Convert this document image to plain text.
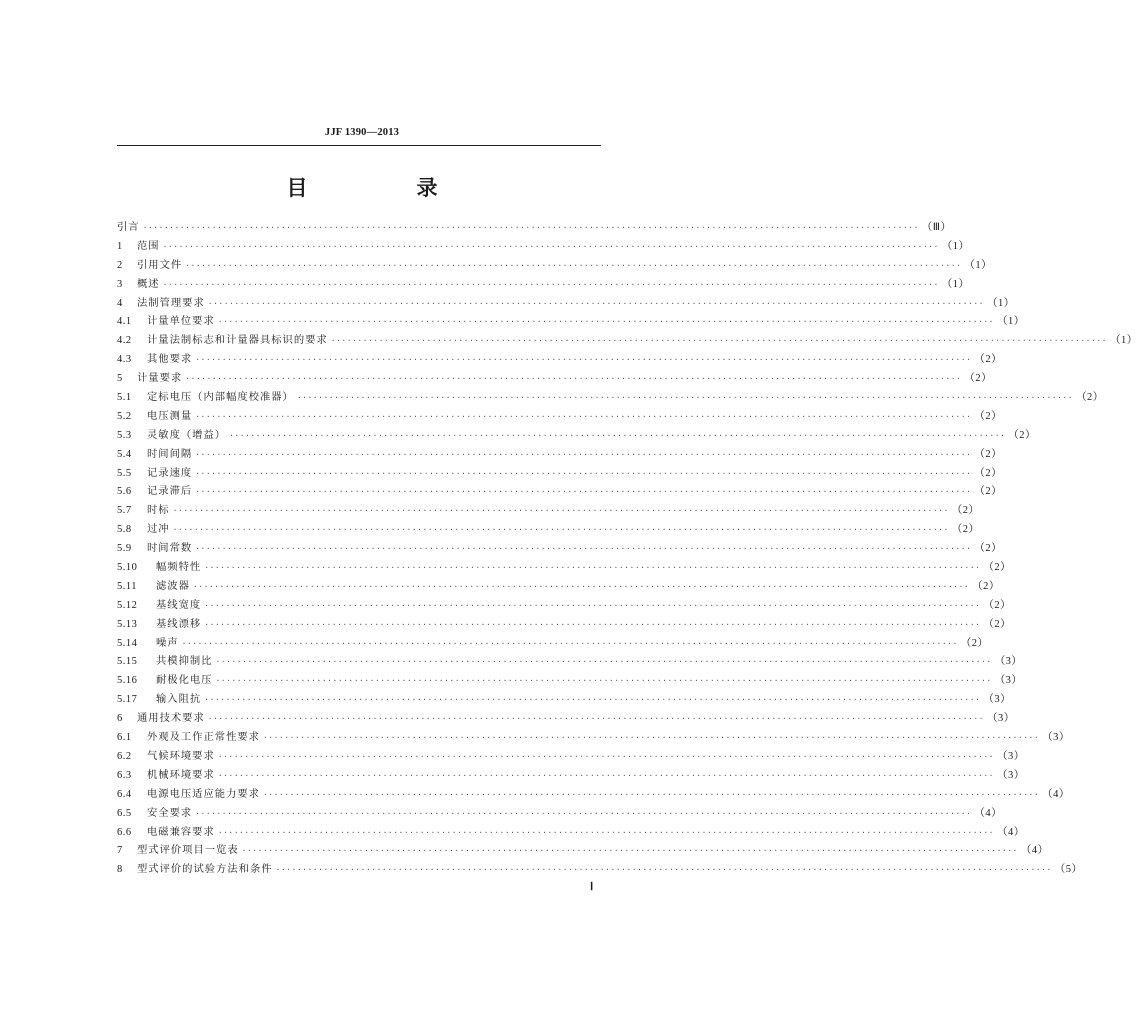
JJF 1390—2013
目　录
引言 ·····	（Ⅲ）
1	范围 ·····	（1）
2	引用文件 ·····	（1）
3	概述 ·····	（1）
4	法制管理要求 ·····	（1）
4.1	计量单位要求 ·····	（1）
4.2	计量法制标志和计量器具标识的要求 ·····	（1）
4.3	其他要求 ·····	（2）
5	计量要求 ·····	（2）
5.1	定标电压（内部幅度校准器） ·····	（2）
5.2	电压测量 ·····	（2）
5.3	灵敏度（增益） ·····	（2）
5.4	时间间隔 ·····	（2）
5.5	记录速度 ·····	（2）
5.6	记录滞后 ·····	（2）
5.7	时标 ·····	（2）
5.8	过冲 ·····	（2）
5.9	时间常数 ·····	（2）
5.10	幅频特性 ·····	（2）
5.11	滤波器 ·····	（2）
5.12	基线宽度 ·····	（2）
5.13	基线漂移 ·····	（2）
5.14	噪声 ·····	（2）
5.15	共模抑制比 ·····	（3）
5.16	耐极化电压 ·····	（3）
5.17	输入阻抗 ·····	（3）
6	通用技术要求 ·····	（3）
6.1	外观及工作正常性要求 ·····	（3）
6.2	气候环境要求 ·····	（3）
6.3	机械环境要求 ·····	（3）
6.4	电源电压适应能力要求 ·····	（4）
6.5	安全要求 ·····	（4）
6.6	电磁兼容要求 ·····	（4）
7	型式评价项目一览表 ·····	（4）
8	型式评价的试验方法和条件 ·····	（5）
Ⅰ
